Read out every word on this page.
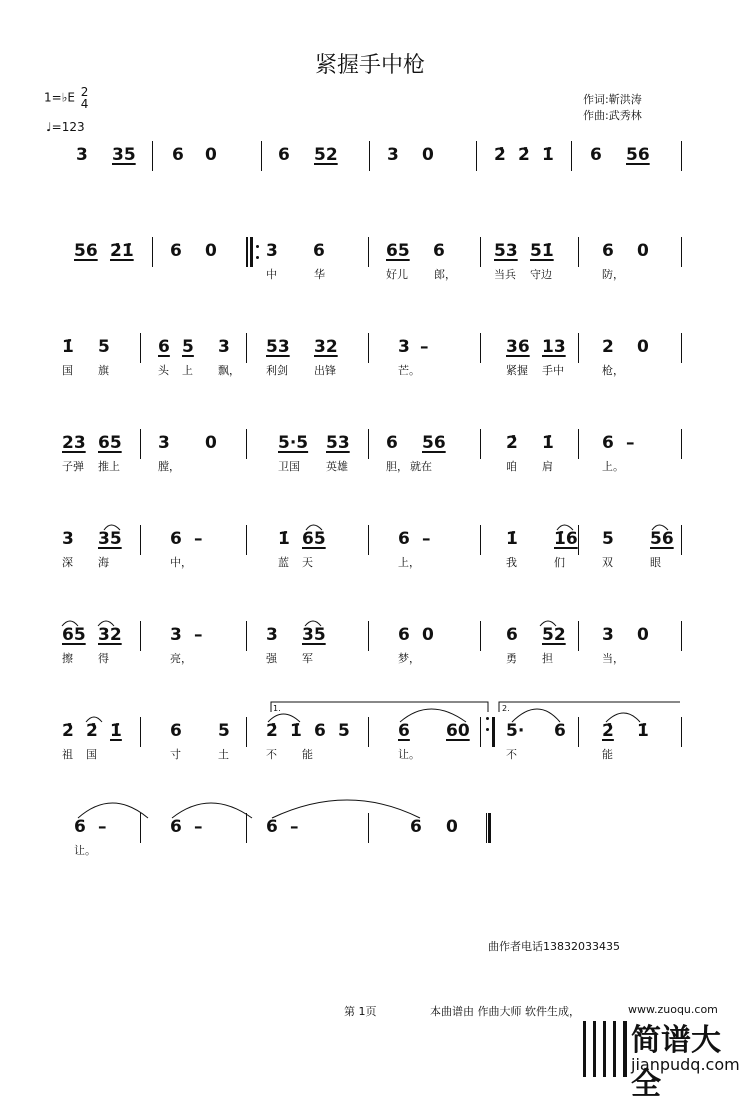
紧握手中枪
1=♭E 2
4
♩=123
作词:靳洪涛
作曲:武秀林
3 35 6 0	6 52	3 0	2̇ 2̇ 1̇ 6 56
56 2̇1̇ 6 0	3 6	65 6	53 51̇	6 0
中	华	好儿 郎，	当兵 守边	防，
1̇ 5	6 5 3 53 32	3 –	36 13 2 0
国 旗	头 上 飘， 利剑 出锋	芒。	紧握 手中	枪，
23 65 3 0	5·5 53 6 56	2̇ 1̇	6 –
子弹 推上	膛，	卫国 英雄	胆， 就在	咱 肩	上。
3 35	6 –	1̇ 65	6 –	1̇ 1̇6 5 56
深 海	中，	蓝 天	上，	我	们	双	眼
65 32	3 –	3 35	6 0	6 52 3 0
擦 得	亮，	强 军	梦，	勇 担	当，
2̇ 2̇ 1̇	6 5 2̇ 1̇ 6 5	6 60 5· 6 2̇ 1̇
祖 国	寸	土	不 能	让。	不	能
6 –	6 –	6 –	6 0
让。
1.	2.
曲作者电话13832033435
第 1页	本曲谱由 作曲大师 软件生成，	www.zuoqu.com
简谱大全
jianpudq.com
